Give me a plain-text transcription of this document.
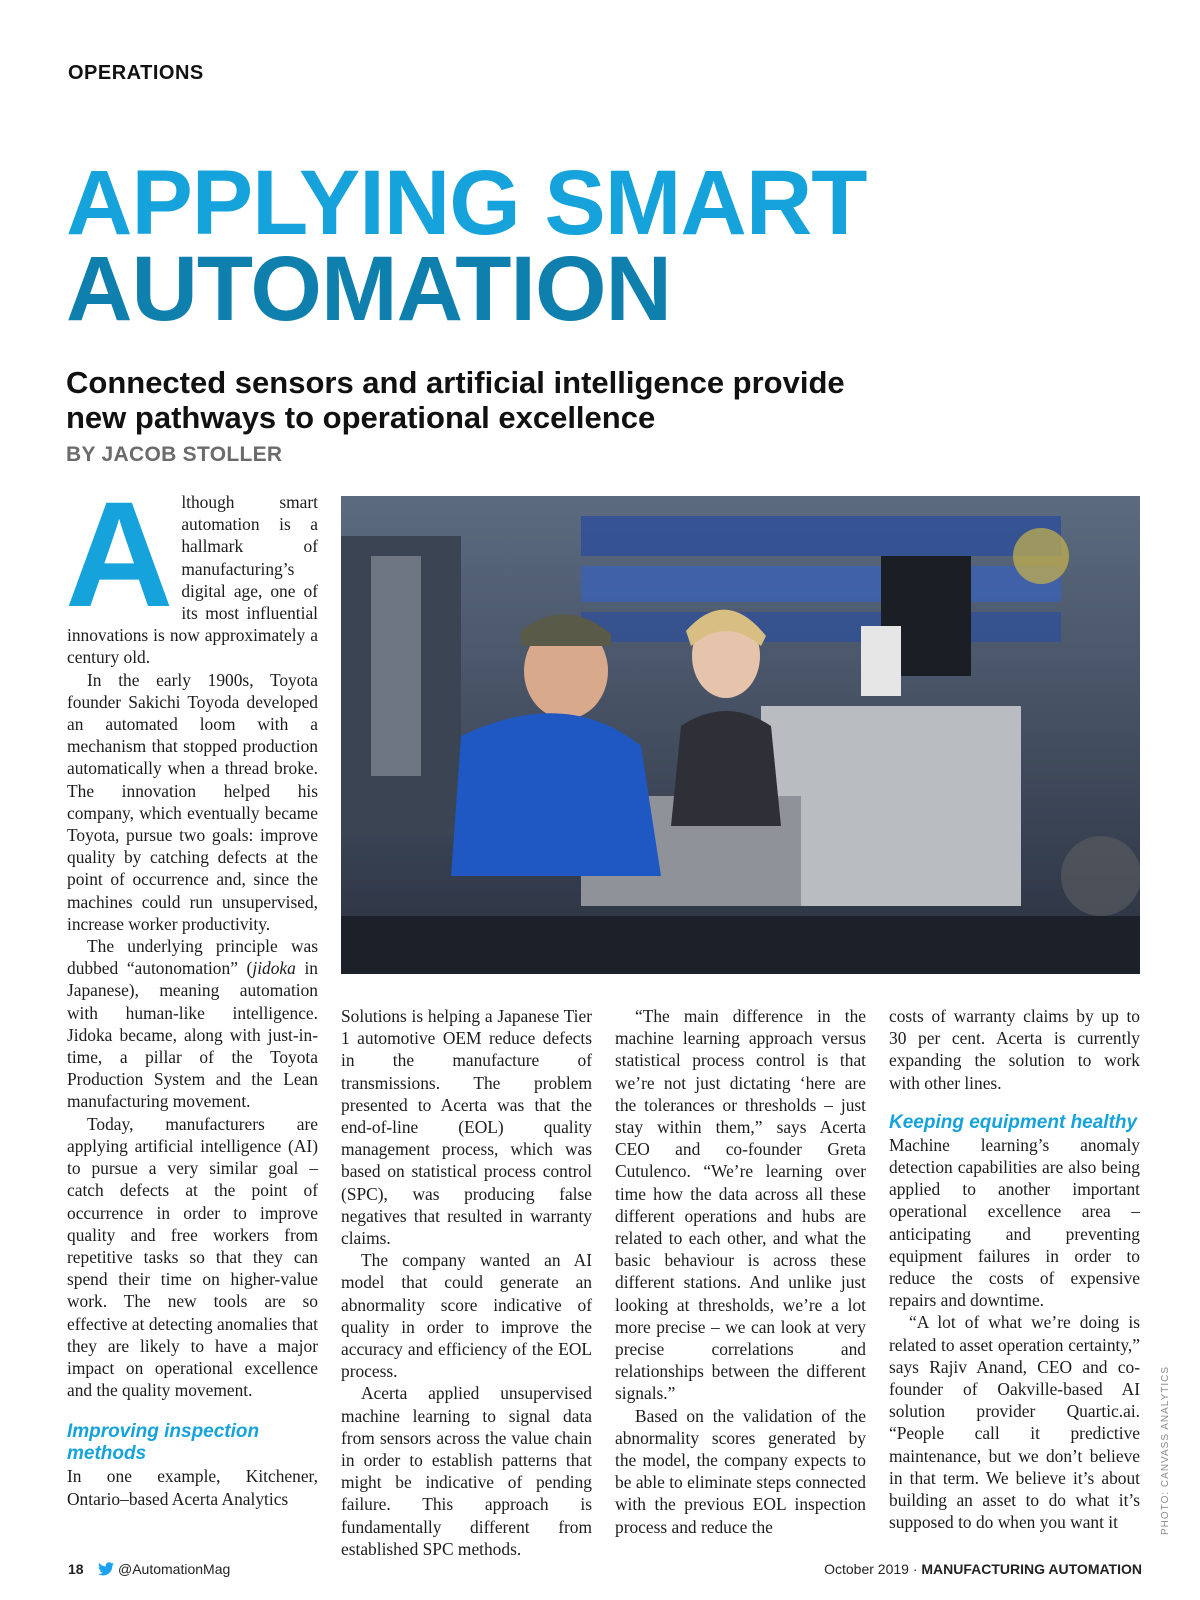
OPERATIONS
APPLYING SMART
AUTOMATION
Connected sensors and artificial intelligence provide new pathways to operational excellence
BY JACOB STOLLER
A lthough smart automation is a hallmark of manufacturing’s digital age, one of its most influential innovations is now approximately a century old.

In the early 1900s, Toyota founder Sakichi Toyoda developed an automated loom with a mechanism that stopped production automatically when a thread broke. The innovation helped his company, which eventually became Toyota, pursue two goals: improve quality by catching defects at the point of occurrence and, since the machines could run unsupervised, increase worker productivity.

The underlying principle was dubbed “autonomation” (jidoka in Japanese), meaning automation with human-like intelligence. Jidoka became, along with just-in-time, a pillar of the Toyota Production System and the Lean manufacturing movement.

Today, manufacturers are applying artificial intelligence (AI) to pursue a very similar goal – catch defects at the point of occurrence in order to improve quality and free workers from repetitive tasks so that they can spend their time on higher-value work. The new tools are so effective at detecting anomalies that they are likely to have a major impact on operational excellence and the quality movement.

Improving inspection methods

In one example, Kitchener, Ontario–based Acerta Analytics

Solutions is helping a Japanese Tier 1 automotive OEM reduce defects in the manufacture of transmissions. The problem presented to Acerta was that the end-of-line (EOL) quality management process, which was based on statistical process control (SPC), was producing false negatives that resulted in warranty claims.

The company wanted an AI model that could generate an abnormality score indicative of quality in order to improve the accuracy and efficiency of the EOL process.

Acerta applied unsupervised machine learning to signal data from sensors across the value chain in order to establish patterns that might be indicative of pending failure. This approach is fundamentally different from established SPC methods.

“The main difference in the machine learning approach versus statistical process control is that we’re not just dictating ‘here are the tolerances or thresholds – just stay within them,” says Acerta CEO and co-founder Greta Cutulenco. “We’re learning over time how the data across all these different operations and hubs are related to each other, and what the basic behaviour is across these different stations. And unlike just looking at thresholds, we’re a lot more precise – we can look at very precise correlations and relationships between the different signals.”

Based on the validation of the abnormality scores generated by the model, the company expects to be able to eliminate steps connected with the previous EOL inspection process and reduce the

costs of warranty claims by up to 30 per cent. Acerta is currently expanding the solution to work with other lines.

Keeping equipment healthy

Machine learning’s anomaly detection capabilities are also being applied to another important operational excellence area – anticipating and preventing equipment failures in order to reduce the costs of expensive repairs and downtime.

“A lot of what we’re doing is related to asset operation certainty,” says Rajiv Anand, CEO and co-founder of Oakville-based AI solution provider Quartic.ai. “People call it predictive maintenance, but we don’t believe in that term. We believe it’s about building an asset to do what it’s supposed to do when you want it	PHOTO: CANVASS ANALYTICS
18 @AutomationMag	October 2019 · MANUFACTURING AUTOMATION
